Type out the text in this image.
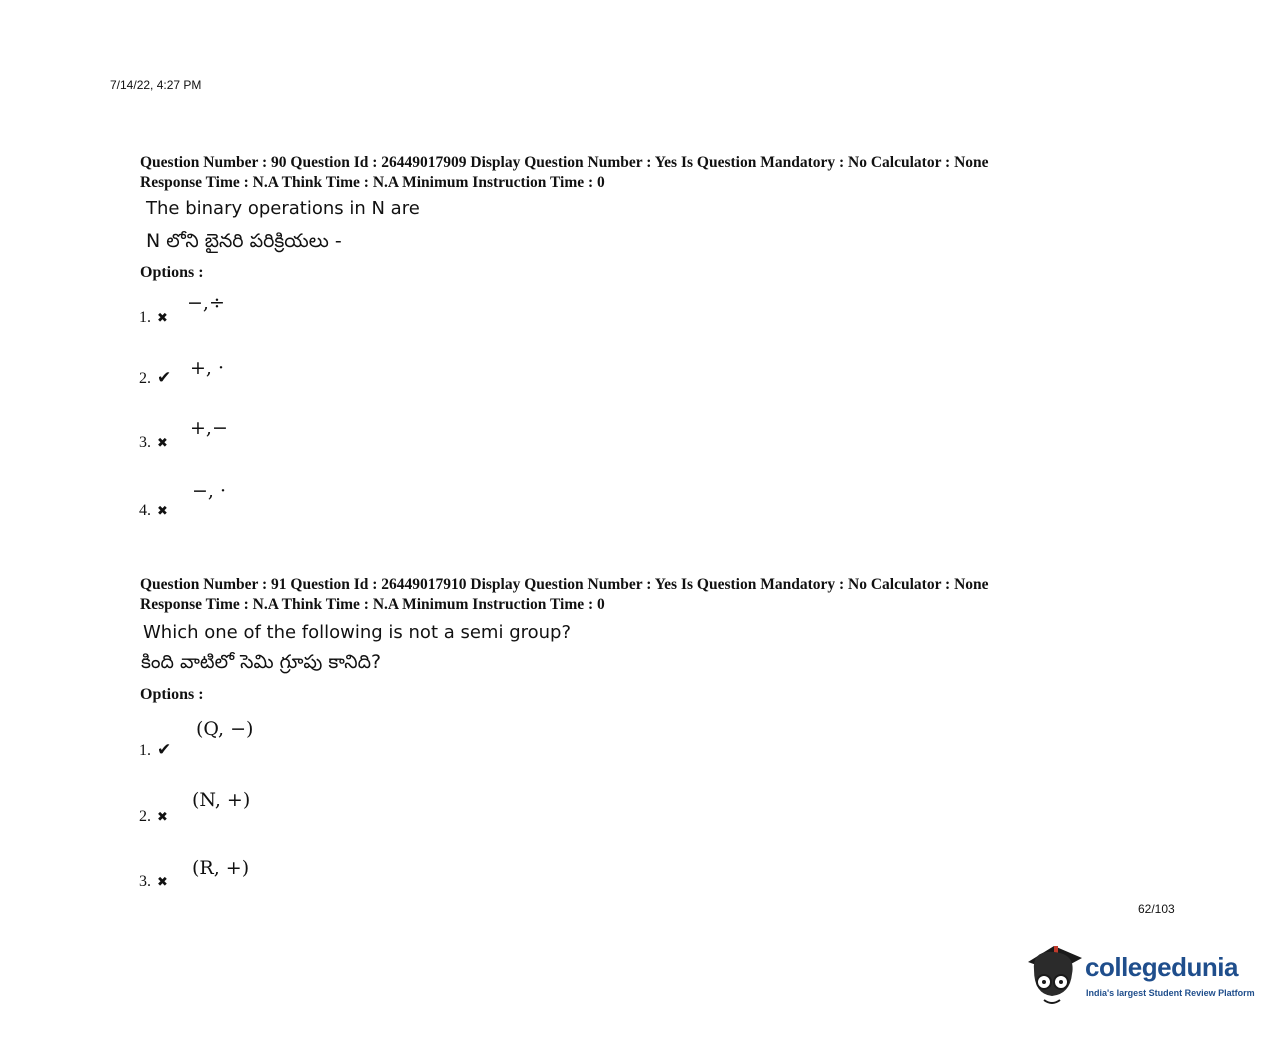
7/14/22, 4:27 PM
Question Number : 90 Question Id : 26449017909 Display Question Number : Yes Is Question Mandatory : No Calculator : None
Response Time : N.A Think Time : N.A Minimum Instruction Time : 0
The binary operations in N are
N లోని బైనరి పరిక్రియలు -
Options :
1. ✖
−,÷
2. ✔ +, ·
3. ✖
+,−
4. ✖
−, ·
Question Number : 91 Question Id : 26449017910 Display Question Number : Yes Is Question Mandatory : No Calculator : None
Response Time : N.A Think Time : N.A Minimum Instruction Time : 0
Which one of the following is not a semi group?
కింది వాటిలో సెమి గ్రూపు కానిది?
Options :
1. ✔
(Q, −)
2. ✖
(N, +)
3. ✖
(R, +)
62/103
collegedunia
India's largest Student Review Platform
